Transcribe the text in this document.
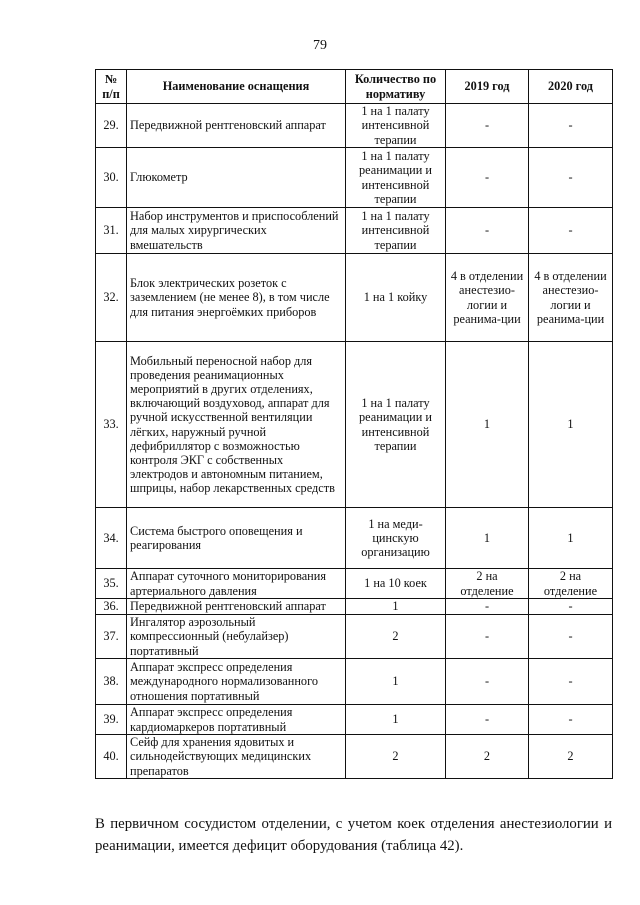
79
№ п/п	Наименование оснащения	Количество по нормативу	2019 год	2020 год
29.	Передвижной рентгеновский аппарат	1 на 1 палату интенсивной терапии	-	-
30.	Глюкометр	1 на 1 палату реанимации и интенсивной терапии	-	-
31.	Набор инструментов и приспособлений для малых хирургических вмешательств	1 на 1 палату интенсивной терапии	-	-
32.	Блок электрических розеток с заземлением (не менее 8), в том числе для питания энергоёмких приборов	1 на 1 койку	4 в отделении анестезио-логии и реанима-ции	4 в отделении анестезио-логии и реанима-ции
33.	Мобильный переносной набор для проведения реанимационных мероприятий в других отделениях, включающий воздуховод, аппарат для ручной искусственной вентиляции лёгких, наружный ручной дефибриллятор с возможностью контроля ЭКГ с собственных электродов и автономным питанием, шприцы, набор лекарственных средств	1 на 1 палату реанимации и интенсивной терапии	1	1
34.	Система быстрого оповещения и реагирования	1 на меди-цинскую организацию	1	1
35.	Аппарат суточного мониторирования артериального давления	1 на 10 коек	2 на отделение	2 на отделение
36.	Передвижной рентгеновский аппарат	1	-	-
37.	Ингалятор аэрозольный компрессионный (небулайзер) портативный	2	-	-
38.	Аппарат экспресс определения международного нормализованного отношения портативный	1	-	-
39.	Аппарат экспресс определения кардиомаркеров портативный	1	-	-
40.	Сейф для хранения ядовитых и сильнодействующих медицинских препаратов	2	2	2

В первичном сосудистом отделении, с учетом коек отделения анестезиологии и реанимации, имеется дефицит оборудования (таблица 42).
